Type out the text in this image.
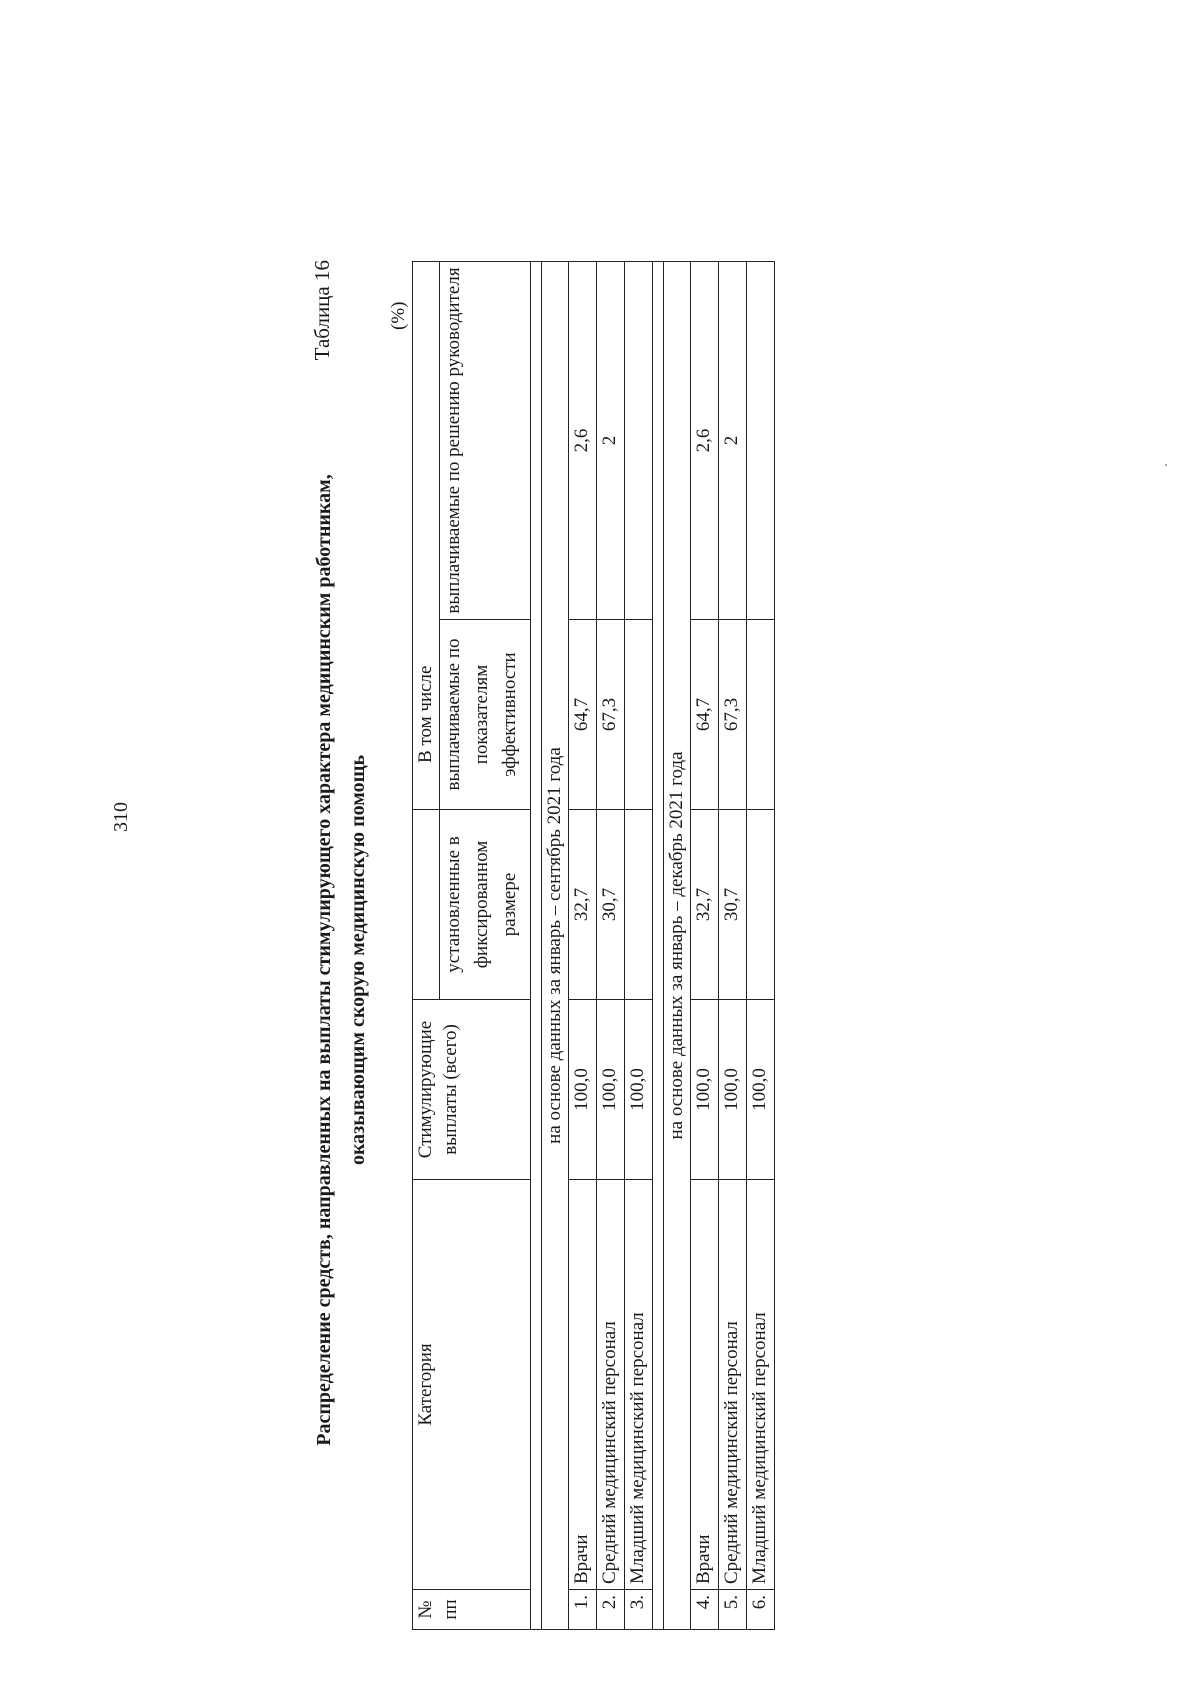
310
Таблица 16
Распределение средств, направленных на выплаты стимулирующего характера медицинским работникам, оказывающим скорую медицинскую помощь
(%)
№ пп	Категория	Стимулирующие выплаты (всего)		В том числе	
				выплачиваемые по показателям эффективности	выплачиваемые по решению руководителя
			установленные в фиксированном размере		

на основе данных за январь – сентябрь 2021 года					
1.	Врачи	100,0	32,7	64,7	2,6
2.	Средний медицинский персонал	100,0	30,7	67,3	2
3.	Младший медицинский персонал	100,0			

на основе данных за январь – декабрь 2021 года					
4.	Врачи	100,0	32,7	64,7	2,6
5.	Средний медицинский персонал	100,0	30,7	67,3	2
6.	Младший медицинский персонал	100,0			
